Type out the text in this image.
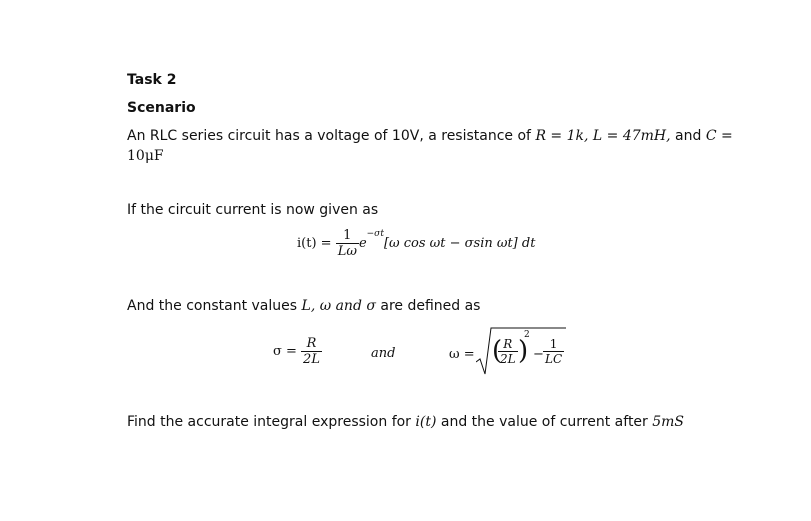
Task 2
Scenario
An RLC series circuit has a voltage of 10V, a resistance of R = 1k, L = 47mH, and C =
10μF
If the circuit current is now given as
$i(t) = \frac{1}{L\omega} e^{-\sigma t}[\omega$ cos ωt − σsin ωt] dt
And the constant values L, ω and σ are defined as
$\sigma = \frac{R}{2L}$	and	ω = (
$\frac{R}{2L}$ )
2
− $\frac{1}{LC}$
Find the accurate integral expression for i(t) and the value of current after 5mS
